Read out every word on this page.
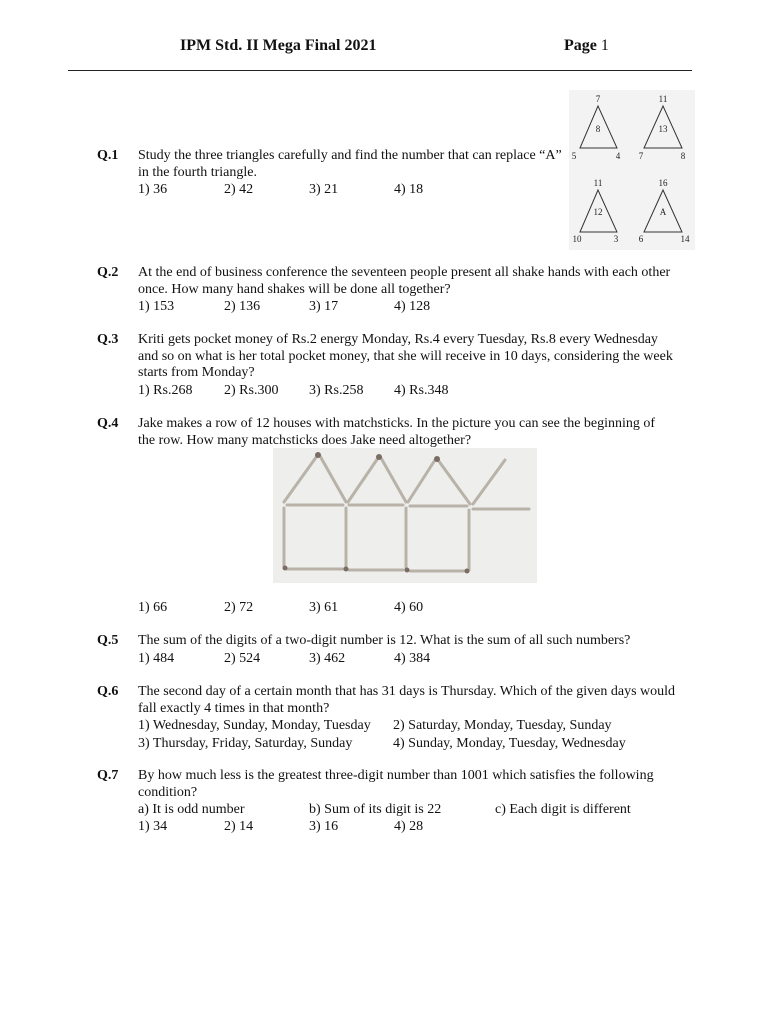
IPM Std. II Mega Final 2021	Page 1
Q.1 Study the three triangles carefully and find the number that can replace “A”
in the fourth triangle.
1) 36	2) 42	3) 21	4) 18
7
8
5	4
11
13
7	8
11
12
10	3
16
A
6	14
Q.2 At the end of business conference the seventeen people present all shake hands with each other
once. How many hand shakes will be done all together?
1) 153	2) 136	3) 17	4) 128
Q.3 Kriti gets pocket money of Rs.2 energy Monday, Rs.4 every Tuesday, Rs.8 every Wednesday
and so on what is her total pocket money, that she will receive in 10 days, considering the week
starts from Monday?
1) Rs.268 2) Rs.300 3) Rs.258 4) Rs.348
Q.4 Jake makes a row of 12 houses with matchsticks. In the picture you can see the beginning of
the row. How many matchsticks does Jake need altogether?
1) 66	2) 72	3) 61	4) 60
Q.5 The sum of the digits of a two-digit number is 12. What is the sum of all such numbers?
1) 484	2) 524	3) 462	4) 384
Q.6 The second day of a certain month that has 31 days is Thursday. Which of the given days would
fall exactly 4 times in that month?
1) Wednesday, Sunday, Monday, Tuesday 2) Saturday, Monday, Tuesday, Sunday
3) Thursday, Friday, Saturday, Sunday	4) Sunday, Monday, Tuesday, Wednesday
Q.7 By how much less is the greatest three-digit number than 1001 which satisfies the following
condition?
a) It is odd number	b) Sum of its digit is 22	c) Each digit is different
1) 34	2) 14	3) 16	4) 28
